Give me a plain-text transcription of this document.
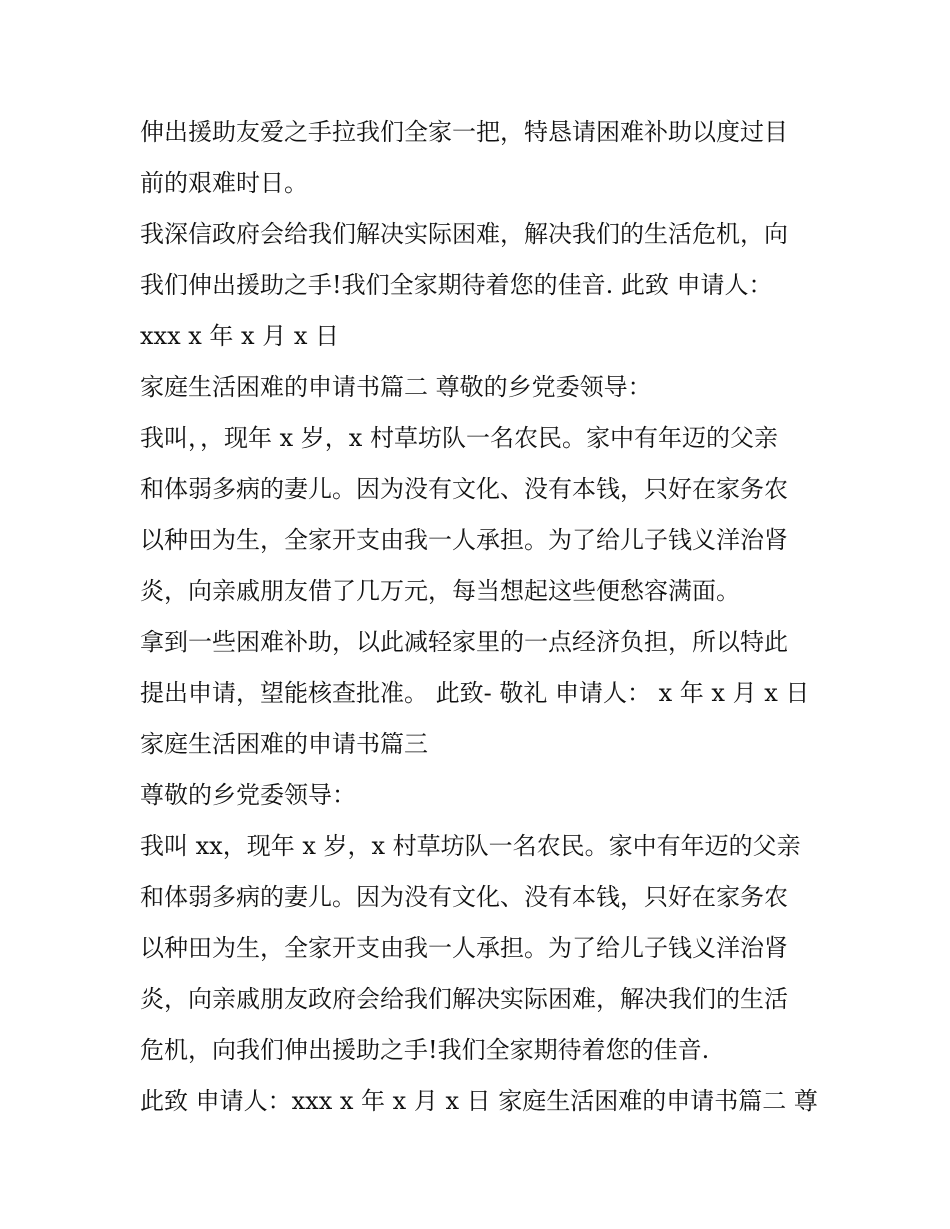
伸出援助友爱之手拉我们全家一把，特恳请困难补助以度过目
前的艰难时日。
我深信政府会给我们解决实际困难，解决我们的生活危机，向
我们伸出援助之手!我们全家期待着您的佳音. 此致 申请人：
xxx x 年 x 月 x 日
家庭生活困难的申请书篇二 尊敬的乡党委领导：
我叫，，现年 x 岁，x 村草坊队一名农民。家中有年迈的父亲
和体弱多病的妻儿。因为没有文化、没有本钱，只好在家务农
以种田为生，全家开支由我一人承担。为了给儿子钱义洋治肾
炎，向亲戚朋友借了几万元，每当想起这些便愁容满面。
拿到一些困难补助，以此减轻家里的一点经济负担，所以特此
提出申请，望能核查批准。 此致- 敬礼 申请人： x 年 x 月 x 日
家庭生活困难的申请书篇三
尊敬的乡党委领导：
我叫 xx，现年 x 岁，x 村草坊队一名农民。家中有年迈的父亲
和体弱多病的妻儿。因为没有文化、没有本钱，只好在家务农
以种田为生，全家开支由我一人承担。为了给儿子钱义洋治肾
炎，向亲戚朋友政府会给我们解决实际困难，解决我们的生活
危机，向我们伸出援助之手!我们全家期待着您的佳音.
此致 申请人：xxx x 年 x 月 x 日 家庭生活困难的申请书篇二 尊
